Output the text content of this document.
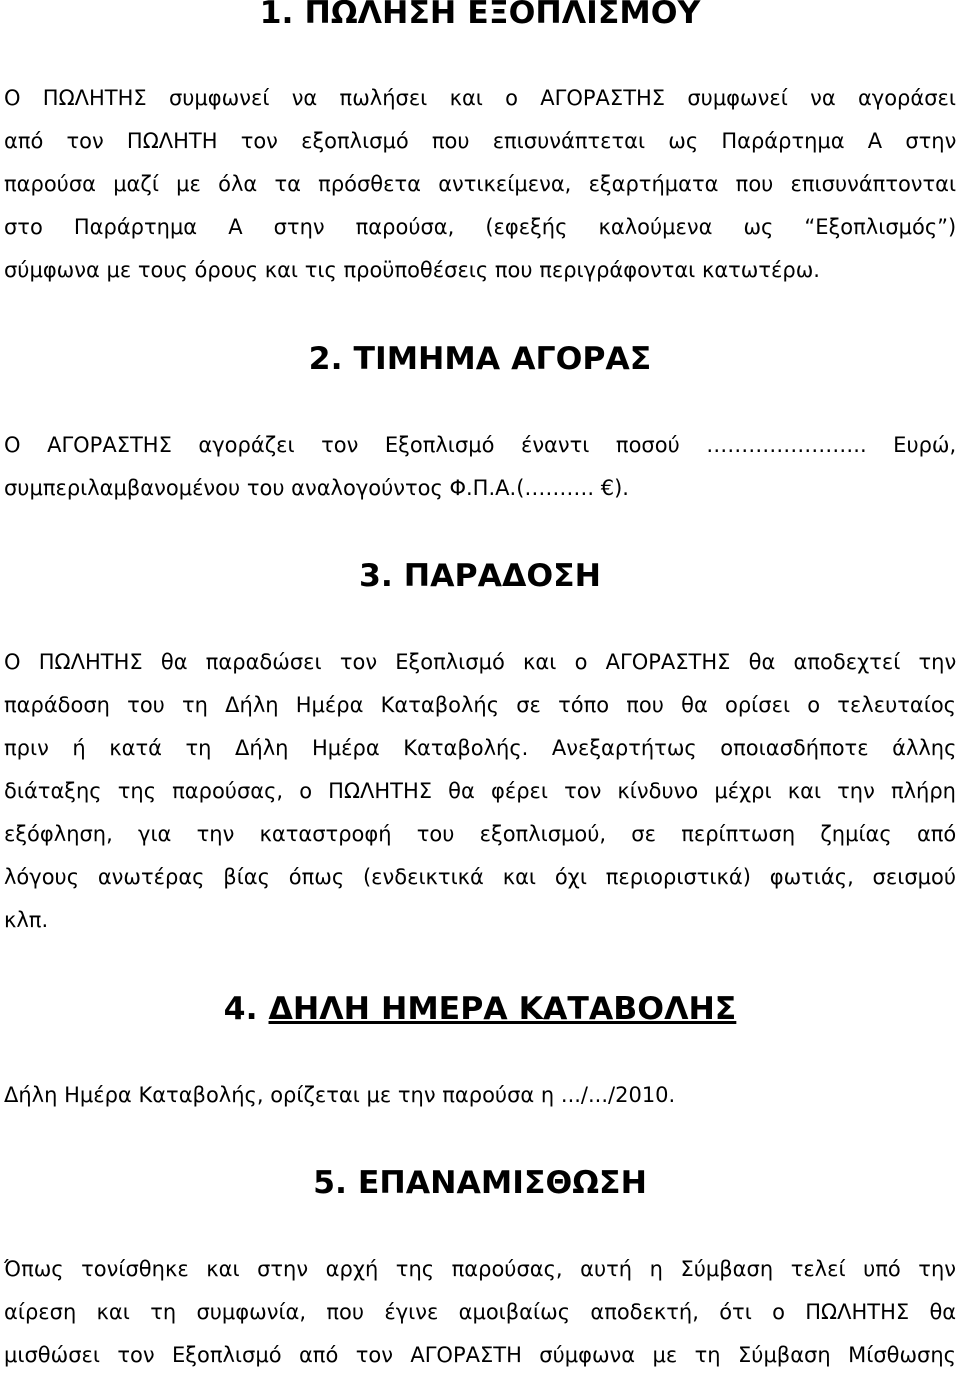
1. ΠΩΛΗΣΗ ΕΞΟΠΛΙΣΜΟΥ
Ο ΠΩΛΗΤΗΣ συμφωνεί να πωλήσει και ο ΑΓΟΡΑΣΤΗΣ συμφωνεί να αγοράσει
από τον ΠΩΛΗΤΗ τον εξοπλισμό που επισυνάπτεται ως Παράρτημα Α στην
παρούσα μαζί με όλα τα πρόσθετα αντικείμενα, εξαρτήματα που επισυνάπτονται
στο Παράρτημα Α στην παρούσα, (εφεξής καλούμενα ως “Εξοπλισμός”)
σύμφωνα με τους όρους και τις προϋποθέσεις που περιγράφονται κατωτέρω.
2. ΤΙΜΗΜΑ ΑΓΟΡΑΣ
Ο ΑΓΟΡΑΣΤΗΣ αγοράζει τον Εξοπλισμό έναντι ποσού ………………….. Ευρώ,
συμπεριλαμβανομένου του αναλογούντος Φ.Π.Α.(………. €).
3. ΠΑΡΑΔΟΣΗ
Ο ΠΩΛΗΤΗΣ θα παραδώσει τον Εξοπλισμό και ο ΑΓΟΡΑΣΤΗΣ θα αποδεχτεί την
παράδοση του τη Δήλη Ημέρα Καταβολής σε τόπο που θα ορίσει ο τελευταίος
πριν ή κατά τη Δήλη Ημέρα Καταβολής. Ανεξαρτήτως οποιασδήποτε άλλης
διάταξης της παρούσας, ο ΠΩΛΗΤΗΣ θα φέρει τον κίνδυνο μέχρι και την πλήρη
εξόφληση, για την καταστροφή του εξοπλισμού, σε περίπτωση ζημίας από
λόγους ανωτέρας βίας όπως (ενδεικτικά και όχι περιοριστικά) φωτιάς, σεισμού
κλπ.
4. ΔΗΛΗ ΗΜΕΡΑ ΚΑΤΑΒΟΛΗΣ
Δήλη Ημέρα Καταβολής, ορίζεται με την παρούσα η .../.../2010.
5. ΕΠΑΝΑΜΙΣΘΩΣΗ
Όπως τονίσθηκε και στην αρχή της παρούσας, αυτή η Σύμβαση τελεί υπό την
αίρεση και τη συμφωνία, που έγινε αμοιβαίως αποδεκτή, ότι ο ΠΩΛΗΤΗΣ θα
μισθώσει τον Εξοπλισμό από τον ΑΓΟΡΑΣΤΗ σύμφωνα με τη Σύμβαση Μίσθωσης
